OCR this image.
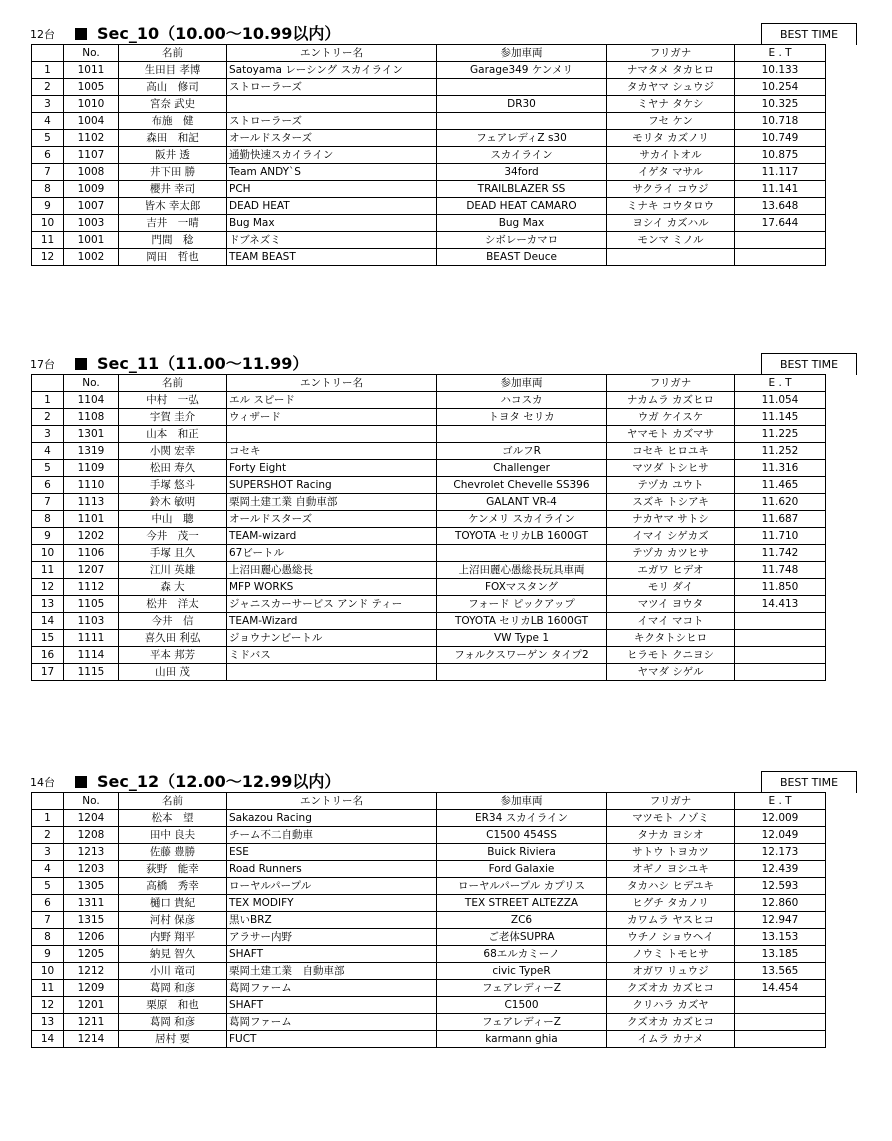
12台	Sec_10（10.00～10.99以内）	BEST TIME
	No.	名前	エントリー名	参加車両	フリガナ	E . T
1	1011	生田目 孝博	Satoyama レーシング スカイライン	Garage349 ケンメリ	ナマタメ タカヒロ	10.133
2	1005	高山　修司	ストローラーズ		タカヤマ シュウジ	10.254
3	1010	宮奈 武史		DR30	ミヤナ タケシ	10.325
4	1004	布施　健	ストローラーズ		フセ ケン	10.718
5	1102	森田　和記	オールドスターズ	フェアレディZ s30	モリタ カズノリ	10.749
6	1107	阪井 透	通勤快速スカイライン	スカイライン	サカイトオル	10.875
7	1008	井下田 勝	Team ANDY`S	34ford	イゲタ マサル	11.117
8	1009	櫻井 幸司	PCH	TRAILBLAZER SS	サクライ コウジ	11.141
9	1007	皆木 幸太郎	DEAD HEAT	DEAD HEAT CAMARO	ミナキ コウタロウ	13.648
10	1003	吉井　一晴	Bug Max	Bug Max	ヨシイ カズハル	17.644
11	1001	門間　稔	ドブネズミ	シボレーカマロ	モンマ ミノル	
12	1002	岡田　哲也	TEAM BEAST	BEAST Deuce		
17台	Sec_11（11.00～11.99）	BEST TIME
	No.	名前	エントリー名	参加車両	フリガナ	E . T
1	1104	中村　一弘	エル スピード	ハコスカ	ナカムラ カズヒロ	11.054
2	1108	宇賀 圭介	ウィザード	トヨタ セリカ	ウガ ケイスケ	11.145
3	1301	山本　和正			ヤマモト カズマサ	11.225
4	1319	小関 宏幸	コセキ	ゴルフR	コセキ ヒロユキ	11.252
5	1109	松田 寿久	Forty Eight	Challenger	マツダ トシヒサ	11.316
6	1110	手塚 悠斗	SUPERSHOT Racing	Chevrolet Chevelle SS396	テヅカ ユウト	11.465
7	1113	鈴木 敏明	栗岡土建工業 自動車部	GALANT VR-4	スズキ トシアキ	11.620
8	1101	中山　聰	オールドスターズ	ケンメリ スカイライン	ナカヤマ サトシ	11.687
9	1202	今井　茂一	TEAM-wizard	TOYOTA セリカLB 1600GT	イマイ シゲカズ	11.710
10	1106	手塚 且久	67ビートル		テヅカ カツヒサ	11.742
11	1207	江川 英雄	上沼田麗心愚総長	上沼田麗心愚総長玩具車両	エガワ ヒデオ	11.748
12	1112	森 大	MFP WORKS	FOXマスタング	モリ ダイ	11.850
13	1105	松井　洋太	ジャニスカーサービス アンド ティー	フォード ピックアップ	マツイ ヨウタ	14.413
14	1103	今井　信	TEAM-Wizard	TOYOTA セリカLB 1600GT	イマイ マコト	
15	1111	喜久田 利弘	ジョウナンビートル	VW Type 1	キクタトシヒロ	
16	1114	平本 邦芳	ミドバス	フォルクスワーゲン タイプ2	ヒラモト クニヨシ	
17	1115	山田 茂			ヤマダ シゲル	
14台	Sec_12（12.00～12.99以内）	BEST TIME
	No.	名前	エントリー名	参加車両	フリガナ	E . T
1	1204	松本　望	Sakazou Racing	ER34 スカイライン	マツモト ノゾミ	12.009
2	1208	田中 良夫	チーム不二自動車	C1500 454SS	タナカ ヨシオ	12.049
3	1213	佐藤 豊勝	ESE	Buick Riviera	サトウ トヨカツ	12.173
4	1203	荻野　能幸	Road Runners	Ford Galaxie	オギノ ヨシユキ	12.439
5	1305	高橋　秀幸	ローヤルパープル	ローヤルパープル カプリス	タカハシ ヒデユキ	12.593
6	1311	樋口 貴紀	TEX MODIFY	TEX STREET ALTEZZA	ヒグチ タカノリ	12.860
7	1315	河村 保彦	黒いBRZ	ZC6	カワムラ ヤスヒコ	12.947
8	1206	内野 翔平	アラサー内野	ご老体SUPRA	ウチノ ショウヘイ	13.153
9	1205	納見 智久	SHAFT	68エルカミーノ	ノウミ トモヒサ	13.185
10	1212	小川 竜司	栗岡土建工業　自動車部	civic TypeR	オガワ リュウジ	13.565
11	1209	葛岡 和彦	葛岡ファーム	フェアレディーZ	クズオカ カズヒコ	14.454
12	1201	栗原　和也	SHAFT	C1500	クリハラ カズヤ	
13	1211	葛岡 和彦	葛岡ファーム	フェアレディーZ	クズオカ カズヒコ	
14	1214	居村 要	FUCT	karmann ghia	イムラ カナメ	
